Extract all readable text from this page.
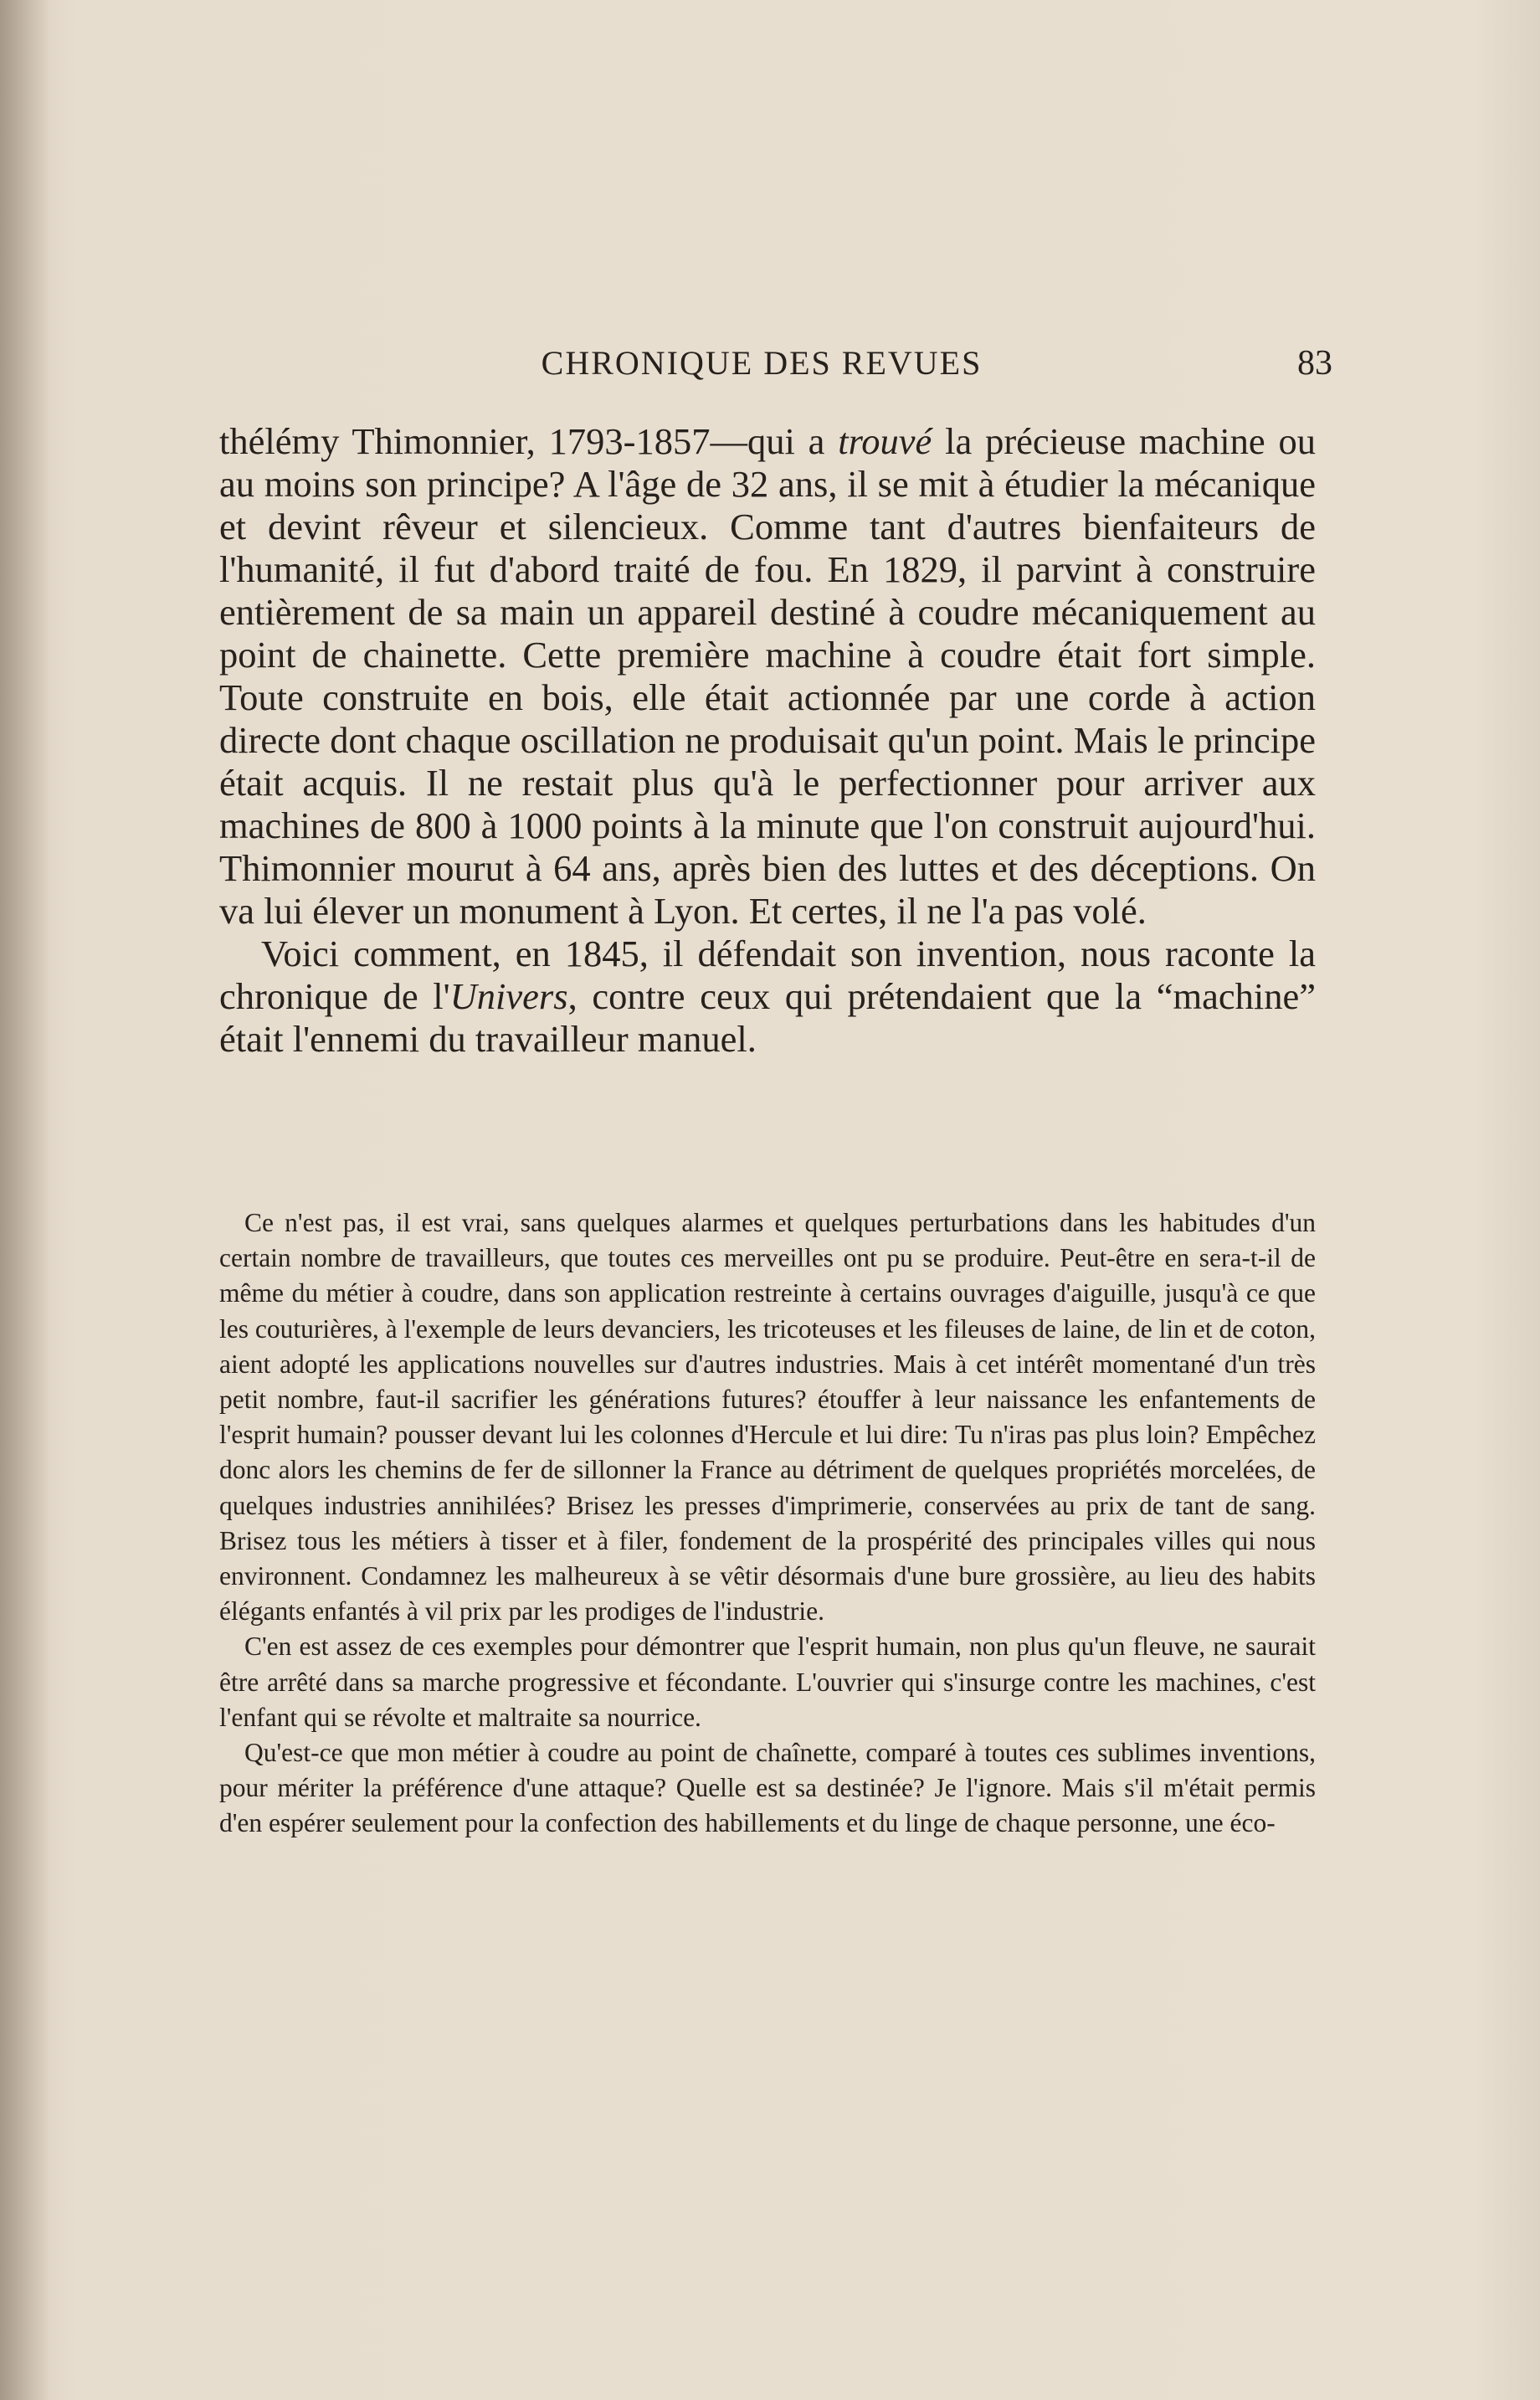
CHRONIQUE DES REVUES	83

thélémy Thimonnier, 1793-1857—qui a trouvé la précieuse machine ou au moins son principe? A l'âge de 32 ans, il se mit à étudier la mécanique et devint rêveur et silencieux. Comme tant d'autres bienfaiteurs de l'humanité, il fut d'abord traité de fou. En 1829, il parvint à construire entièrement de sa main un appareil destiné à coudre mécaniquement au point de chainette. Cette première machine à coudre était fort simple. Toute construite en bois, elle était actionnée par une corde à action directe dont chaque oscillation ne produisait qu'un point. Mais le principe était acquis. Il ne restait plus qu'à le perfectionner pour arriver aux machines de 800 à 1000 points à la minute que l'on construit aujourd'hui. Thimonnier mourut à 64 ans, après bien des luttes et des déceptions. On va lui élever un monument à Lyon. Et certes, il ne l'a pas volé.

Voici comment, en 1845, il défendait son invention, nous raconte la chronique de l'Univers, contre ceux qui prétendaient que la “machine” était l'ennemi du travailleur manuel.

Ce n'est pas, il est vrai, sans quelques alarmes et quelques perturbations dans les habitudes d'un certain nombre de travailleurs, que toutes ces merveilles ont pu se produire. Peut-être en sera-t-il de même du métier à coudre, dans son application restreinte à certains ouvrages d'aiguille, jusqu'à ce que les couturières, à l'exemple de leurs devanciers, les tricoteuses et les fileuses de laine, de lin et de coton, aient adopté les applications nouvelles sur d'autres industries. Mais à cet intérêt momentané d'un très petit nombre, faut-il sacrifier les générations futures? étouffer à leur naissance les enfantements de l'esprit humain? pousser devant lui les colonnes d'Hercule et lui dire: Tu n'iras pas plus loin? Empêchez donc alors les chemins de fer de sillonner la France au détriment de quelques propriétés morcelées, de quelques industries annihilées? Brisez les presses d'imprimerie, conservées au prix de tant de sang. Brisez tous les métiers à tisser et à filer, fondement de la prospérité des principales villes qui nous environnent. Condamnez les malheureux à se vêtir désormais d'une bure grossière, au lieu des habits élégants enfantés à vil prix par les prodiges de l'industrie.

C'en est assez de ces exemples pour démontrer que l'esprit humain, non plus qu'un fleuve, ne saurait être arrêté dans sa marche progressive et fécondante. L'ouvrier qui s'insurge contre les machines, c'est l'enfant qui se révolte et maltraite sa nourrice.

Qu'est-ce que mon métier à coudre au point de chaînette, comparé à toutes ces sublimes inventions, pour mériter la préférence d'une attaque? Quelle est sa destinée? Je l'ignore. Mais s'il m'était permis d'en espérer seulement pour la confection des habillements et du linge de chaque personne, une éco-
